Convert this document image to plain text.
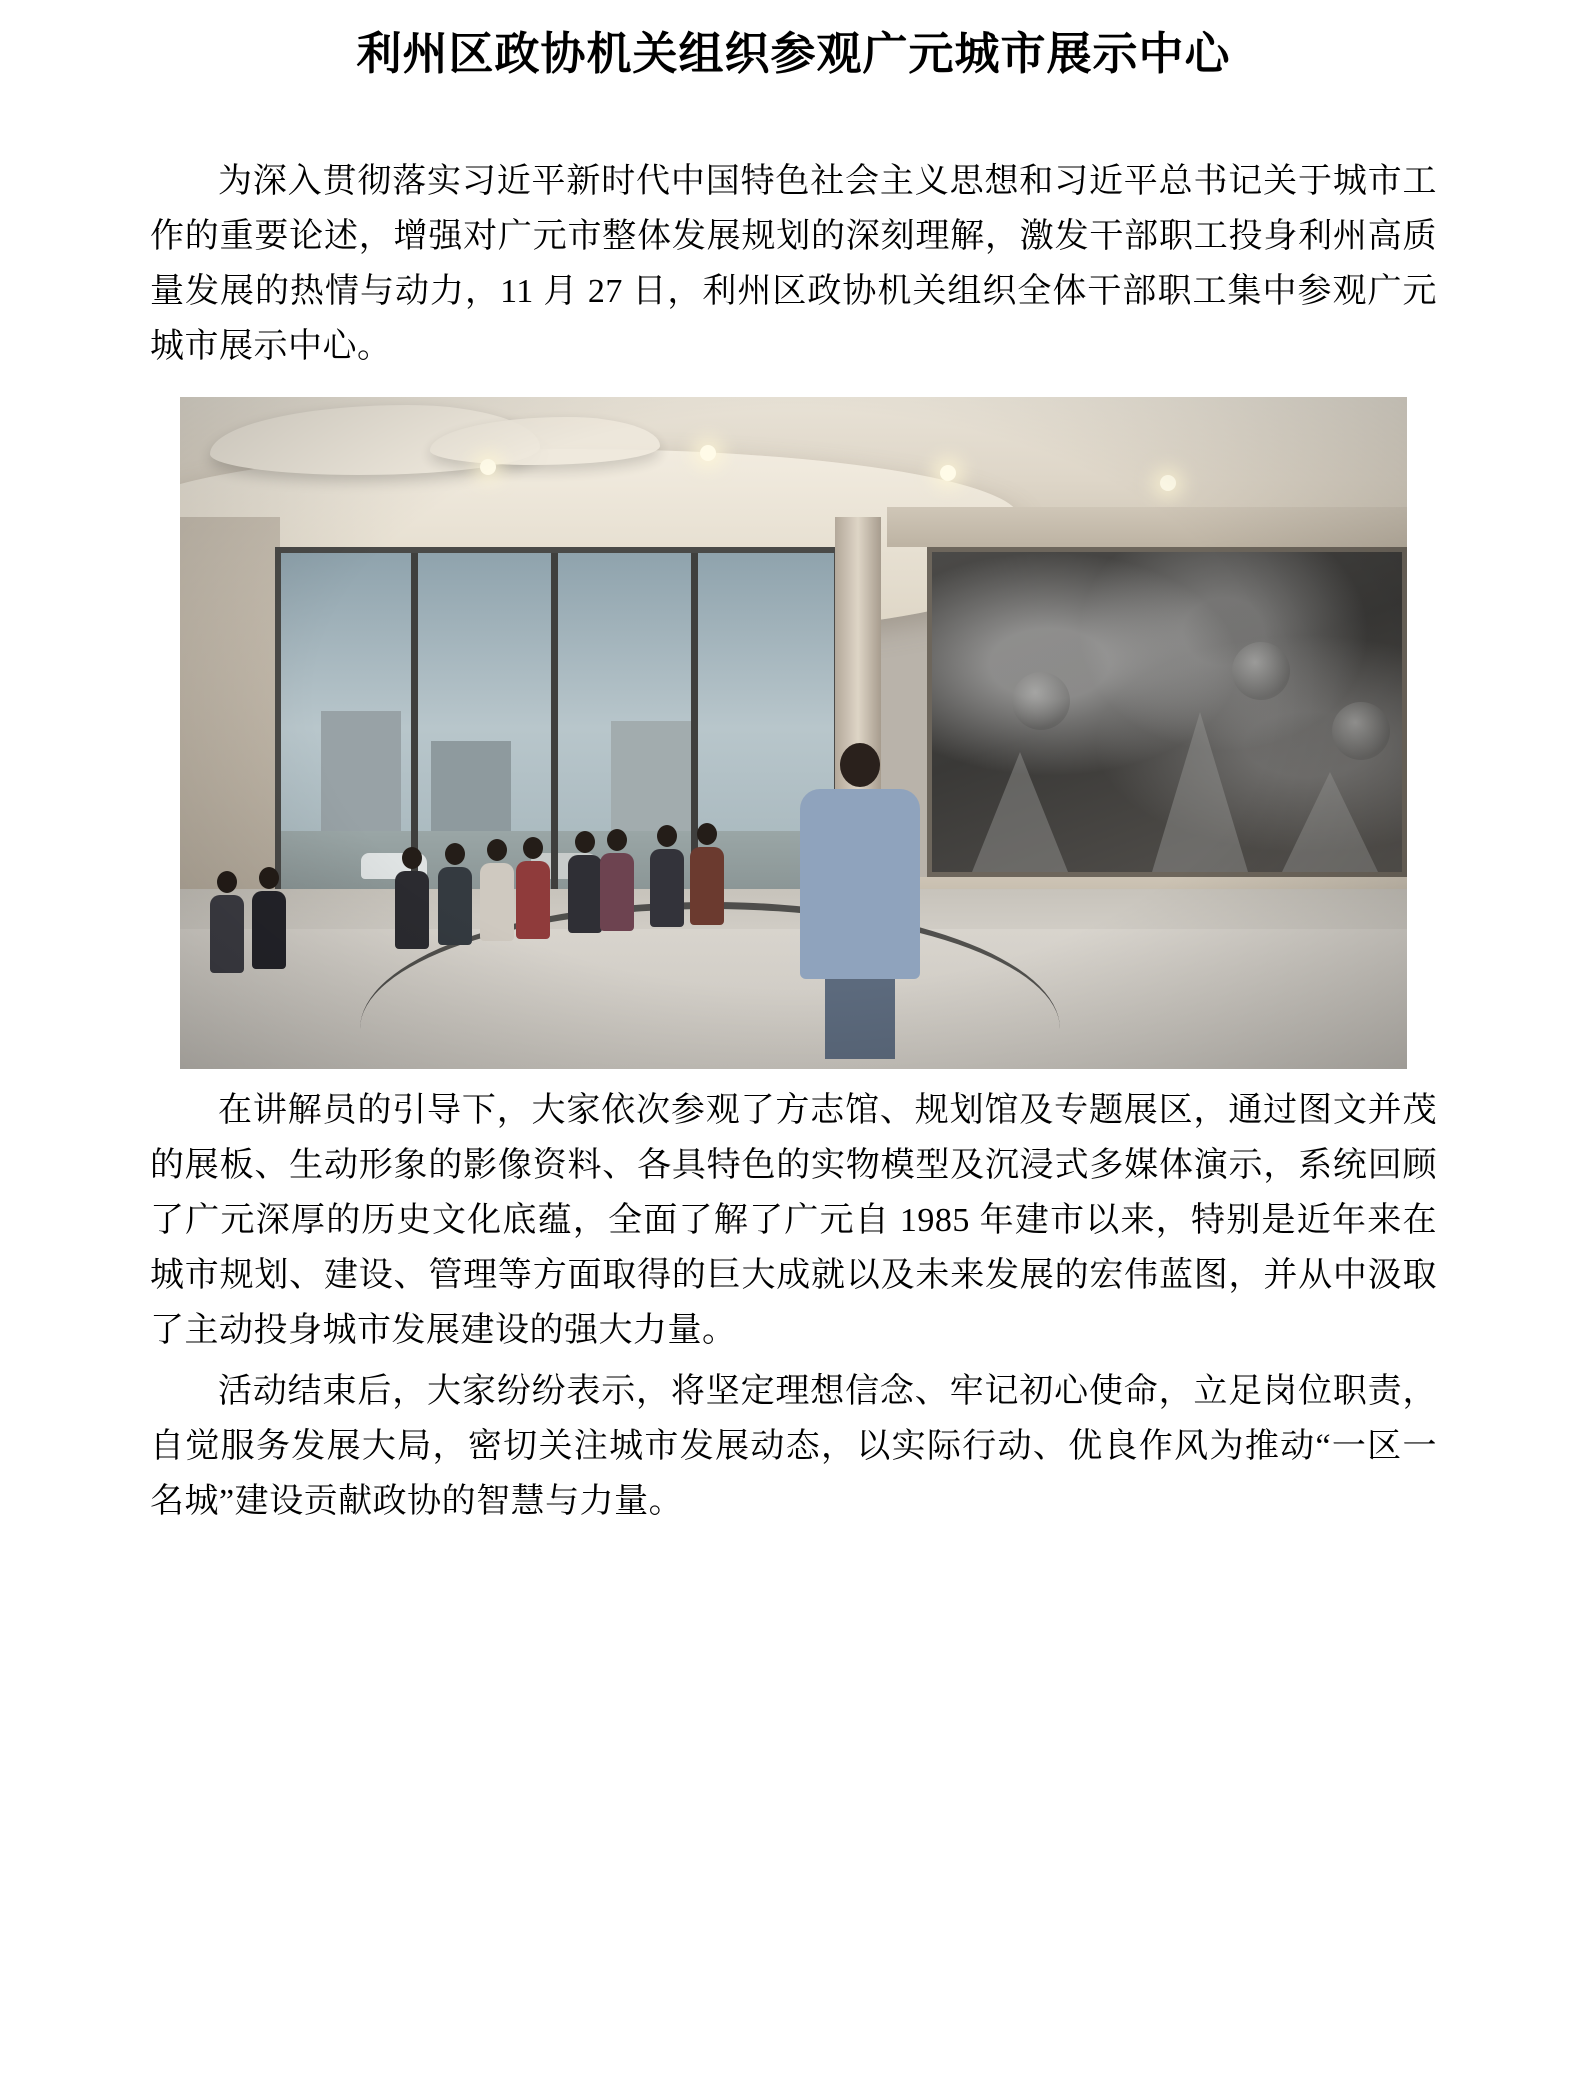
利州区政协机关组织参观广元城市展示中心

为深入贯彻落实习近平新时代中国特色社会主义思想和习近平总书记关于城市工作的重要论述，增强对广元市整体发展规划的深刻理解，激发干部职工投身利州高质量发展的热情与动力，11 月 27 日，利州区政协机关组织全体干部职工集中参观广元城市展示中心。

在讲解员的引导下，大家依次参观了方志馆、规划馆及专题展区，通过图文并茂的展板、生动形象的影像资料、各具特色的实物模型及沉浸式多媒体演示，系统回顾了广元深厚的历史文化底蕴，全面了解了广元自 1985 年建市以来，特别是近年来在城市规划、建设、管理等方面取得的巨大成就以及未来发展的宏伟蓝图，并从中汲取了主动投身城市发展建设的强大力量。

活动结束后，大家纷纷表示，将坚定理想信念、牢记初心使命，立足岗位职责，自觉服务发展大局，密切关注城市发展动态，以实际行动、优良作风为推动“一区一名城”建设贡献政协的智慧与力量。
